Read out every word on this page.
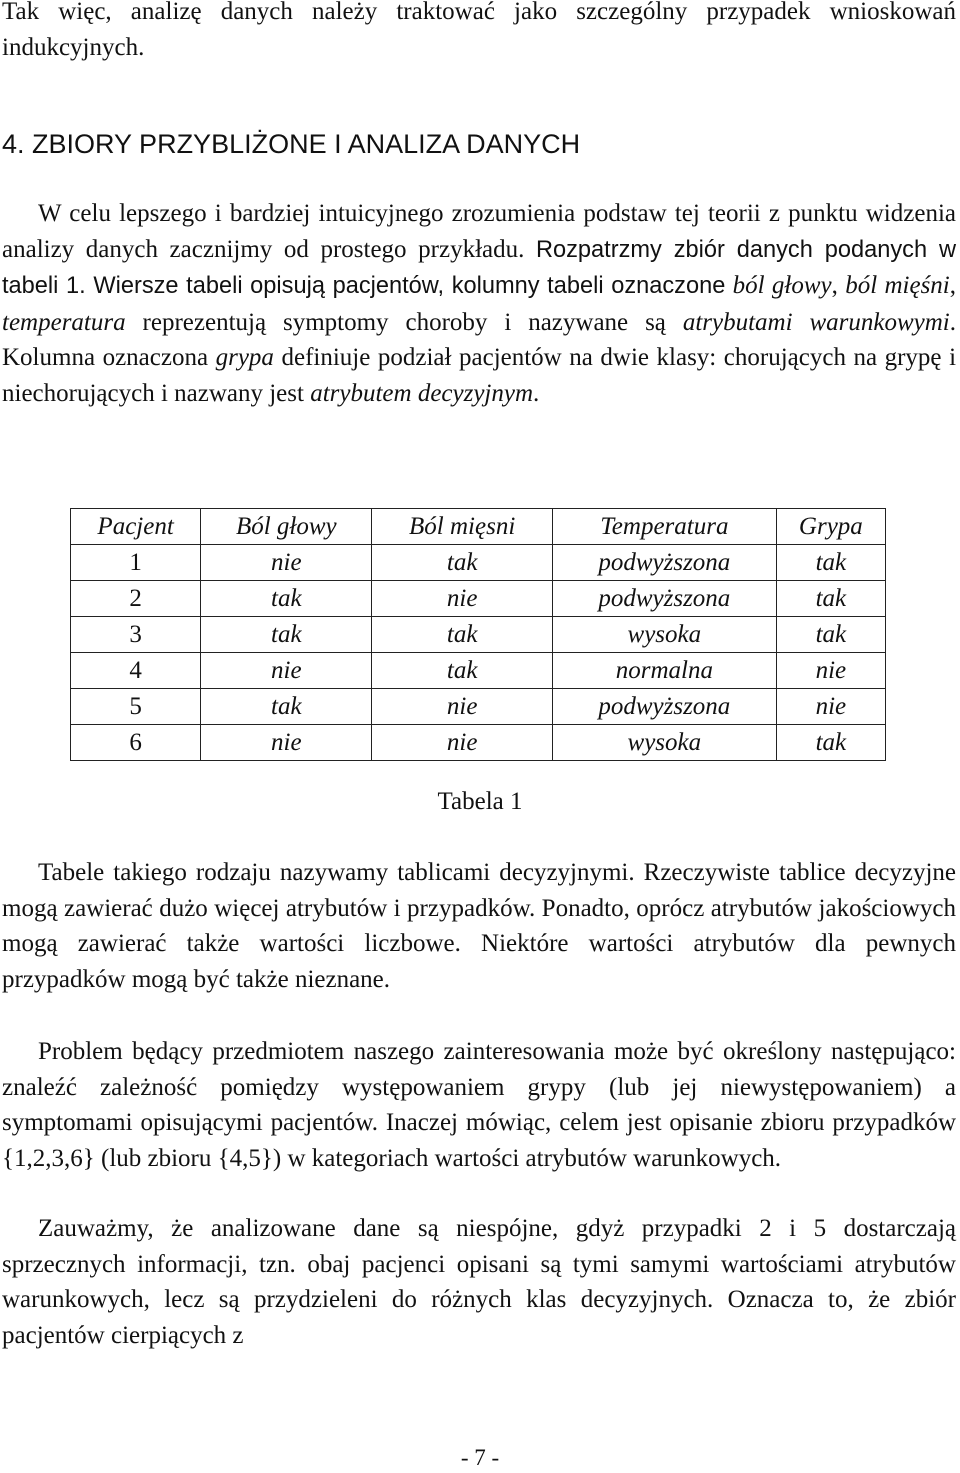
Tak więc, analizę danych należy traktować jako szczególny przypadek wnioskowań indukcyjnych.

4. ZBIORY PRZYBLIŻONE I ANALIZA DANYCH

W celu lepszego i bardziej intuicyjnego zrozumienia podstaw tej teorii z punktu widzenia analizy danych zacznijmy od prostego przykładu. Rozpatrzmy zbiór danych podanych w tabeli 1. Wiersze tabeli opisują pacjentów, kolumny tabeli oznaczone ból głowy, ból mięśni, temperatura reprezentują symptomy choroby i nazywane są atrybutami warunkowymi. Kolumna oznaczona grypa definiuje podział pacjentów na dwie klasy: chorujących na grypę i niechorujących i nazwany jest atrybutem decyzyjnym.

Pacjent	Ból głowy	Ból mięsni	Temperatura	Grypa
1	nie	tak	podwyższona	tak
2	tak	nie	podwyższona	tak
3	tak	tak	wysoka	tak
4	nie	tak	normalna	nie
5	tak	nie	podwyższona	nie
6	nie	nie	wysoka	tak
Tabela 1

Tabele takiego rodzaju nazywamy tablicami decyzyjnymi. Rzeczywiste tablice decyzyjne mogą zawierać dużo więcej atrybutów i przypadków. Ponadto, oprócz atrybutów jakościowych mogą zawierać także wartości liczbowe. Niektóre wartości atrybutów dla pewnych przypadków mogą być także nieznane.

Problem będący przedmiotem naszego zainteresowania może być określony następująco: znaleźć zależność pomiędzy występowaniem grypy (lub jej niewystępowaniem) a symptomami opisującymi pacjentów. Inaczej mówiąc, celem jest opisanie zbioru przypadków {1,2,3,6} (lub zbioru {4,5}) w kategoriach wartości atrybutów warunkowych.

Zauważmy, że analizowane dane są niespójne, gdyż przypadki 2 i 5 dostarczają sprzecznych informacji, tzn. obaj pacjenci opisani są tymi samymi wartościami atrybutów warunkowych, lecz są przydzieleni do różnych klas decyzyjnych. Oznacza to, że zbiór pacjentów cierpiących z

- 7 -
